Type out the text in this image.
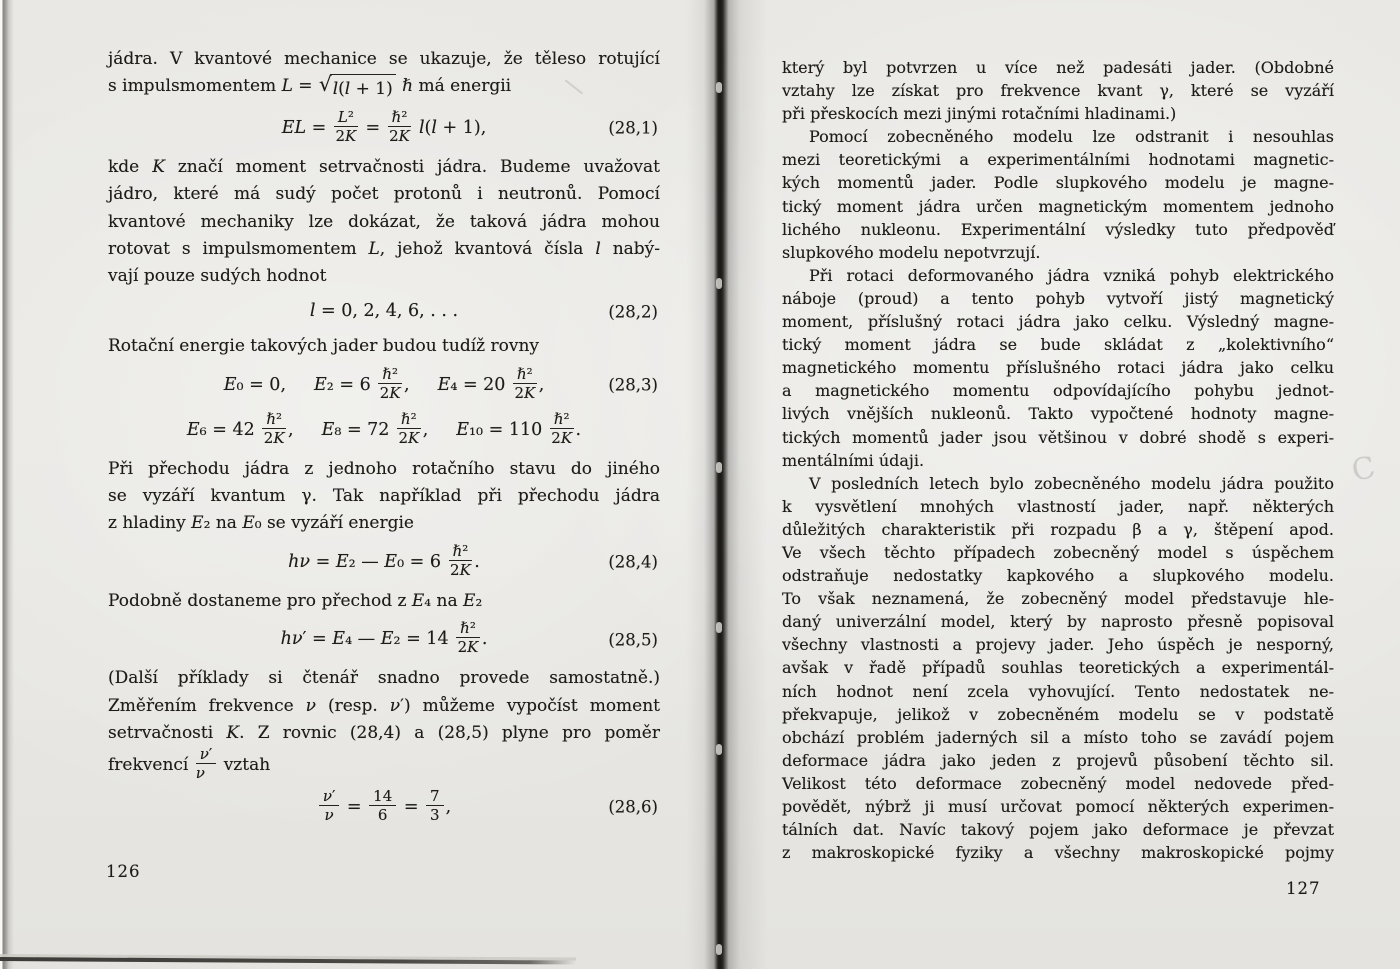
jádra. V kvantové mechanice se ukazuje, že těleso rotující
s impulsmomentem L = √ l(l + 1) ℏ má energii
EL = $\frac{\text{L²}}{2K} = \frac{\text{ℏ²}}{2K} l(l + 1)$,	(28,1)
kde K značí moment setrvačnosti jádra. Budeme uvažovat
jádro, které má sudý počet protonů i neutronů. Pomocí
kvantové mechaniky lze dokázat, že taková jádra mohou
rotovat s impulsmomentem L, jehož kvantová čísla l nabý-
vají pouze sudých hodnot
l = 0, 2, 4, 6, . . .	(28,2)
Rotační energie takových jader budou tudíž rovny
E₀ = 0, $E_2 = 6 \frac{\text{ℏ²}}{2K}$ , $E_4 = 20 \frac{\text{ℏ²}}{2K}$ ,	(28,3)
$E_6 = 42 \frac{\text{ℏ²}}{2K}$ , $E_8 = 72 \frac{\text{ℏ²}}{2K}$ , $E_{10} = 110 \frac{\text{ℏ²}}{2K}$ .
Při přechodu jádra z jednoho rotačního stavu do jiného
se vyzáří kvantum γ. Tak například při přechodu jádra
z hladiny E₂ na E₀ se vyzáří energie
hν = E₂ — $E_0 = 6 \frac{\text{ℏ²}}{2K}$ .	(28,4)
Podobně dostaneme pro přechod z E₄ na E₂
hν′ = E₄ — $E_2 = 14 \frac{\text{ℏ²}}{2K}$ .	(28,5)
(Další příklady si čtenář snadno provede samostatně.)
Změřením frekvence ν (resp. ν′) můžeme vypočíst moment
setrvačnosti K. Z rovnic (28,4) a (28,5) plyne pro poměr
frekvencí $\frac{\nu'}{\nu}$ vztah
$\frac{\nu'}{\nu} = \frac{14}{6} = \frac{7}{3}$ ,	(28,6)
který byl potvrzen u více než padesáti jader. (Obdobné
vztahy lze získat pro frekvence kvant γ, které se vyzáří
při přeskocích mezi jinými rotačními hladinami.)
Pomocí zobecněného modelu lze odstranit i nesouhlas
mezi teoretickými a experimentálními hodnotami magnetic-
kých momentů jader. Podle slupkového modelu je magne-
tický moment jádra určen magnetickým momentem jednoho
lichého nukleonu. Experimentální výsledky tuto předpověď
slupkového modelu nepotvrzují.
Při rotaci deformovaného jádra vzniká pohyb elektrického
náboje (proud) a tento pohyb vytvoří jistý magnetický
moment, příslušný rotaci jádra jako celku. Výsledný magne-
tický moment jádra se bude skládat z „kolektivního“
magnetického momentu příslušného rotaci jádra jako celku
a magnetického momentu odpovídajícího pohybu jednot-
livých vnějších nukleonů. Takto vypočtené hodnoty magne-
tických momentů jader jsou většinou v dobré shodě s experi-
mentálními údaji.
V posledních letech bylo zobecněného modelu jádra použito
k vysvětlení mnohých vlastností jader, např. některých
důležitých charakteristik při rozpadu β a γ, štěpení apod.
Ve všech těchto případech zobecněný model s úspěchem
odstraňuje nedostatky kapkového a slupkového modelu.
To však neznamená, že zobecněný model představuje hle-
daný univerzální model, který by naprosto přesně popisoval
všechny vlastnosti a projevy jader. Jeho úspěch je nesporný,
avšak v řadě případů souhlas teoretických a experimentál-
ních hodnot není zcela vyhovující. Tento nedostatek ne-
překvapuje, jelikož v zobecněném modelu se v podstatě
obchází problém jaderných sil a místo toho se zavádí pojem
deformace jádra jako jeden z projevů působení těchto sil.
Velikost této deformace zobecněný model nedovede před-
povědět, nýbrž ji musí určovat pomocí některých experimen-
tálních dat. Navíc takový pojem jako deformace je převzat
z makroskopické fyziky a všechny makroskopické pojmy
126
127
C
